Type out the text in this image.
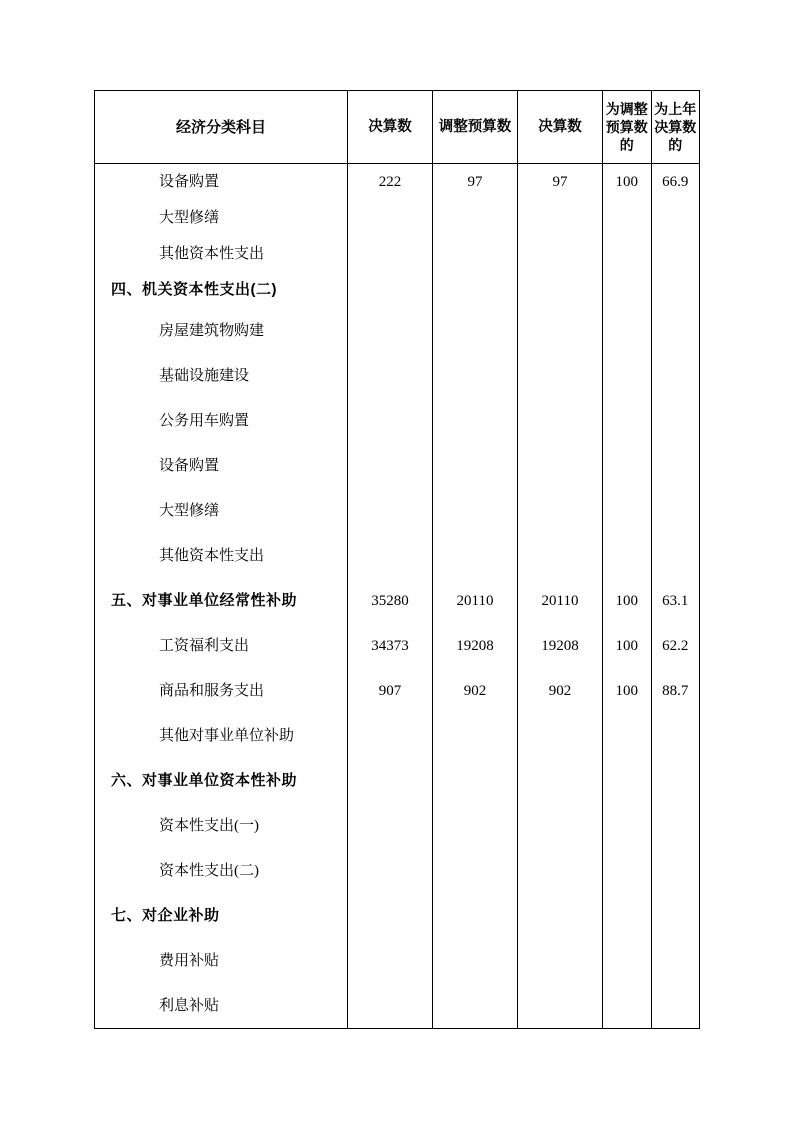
经济分类科目	决算数	调整预算数	决算数	为调整预算数的	为上年决算数的

设备购置	222	97	97	100	66.9

大型修缮					

其他资本性支出					

四、机关资本性支出(二)					

房屋建筑物购建					

基础设施建设					

公务用车购置					

设备购置					

大型修缮					

其他资本性支出					

五、对事业单位经常性补助	35280	20110	20110	100	63.1

工资福利支出	34373	19208	19208	100	62.2

商品和服务支出	907	902	902	100	88.7

其他对事业单位补助					

六、对事业单位资本性补助					

资本性支出(一)					

资本性支出(二)					

七、对企业补助					

费用补贴					

利息补贴					
